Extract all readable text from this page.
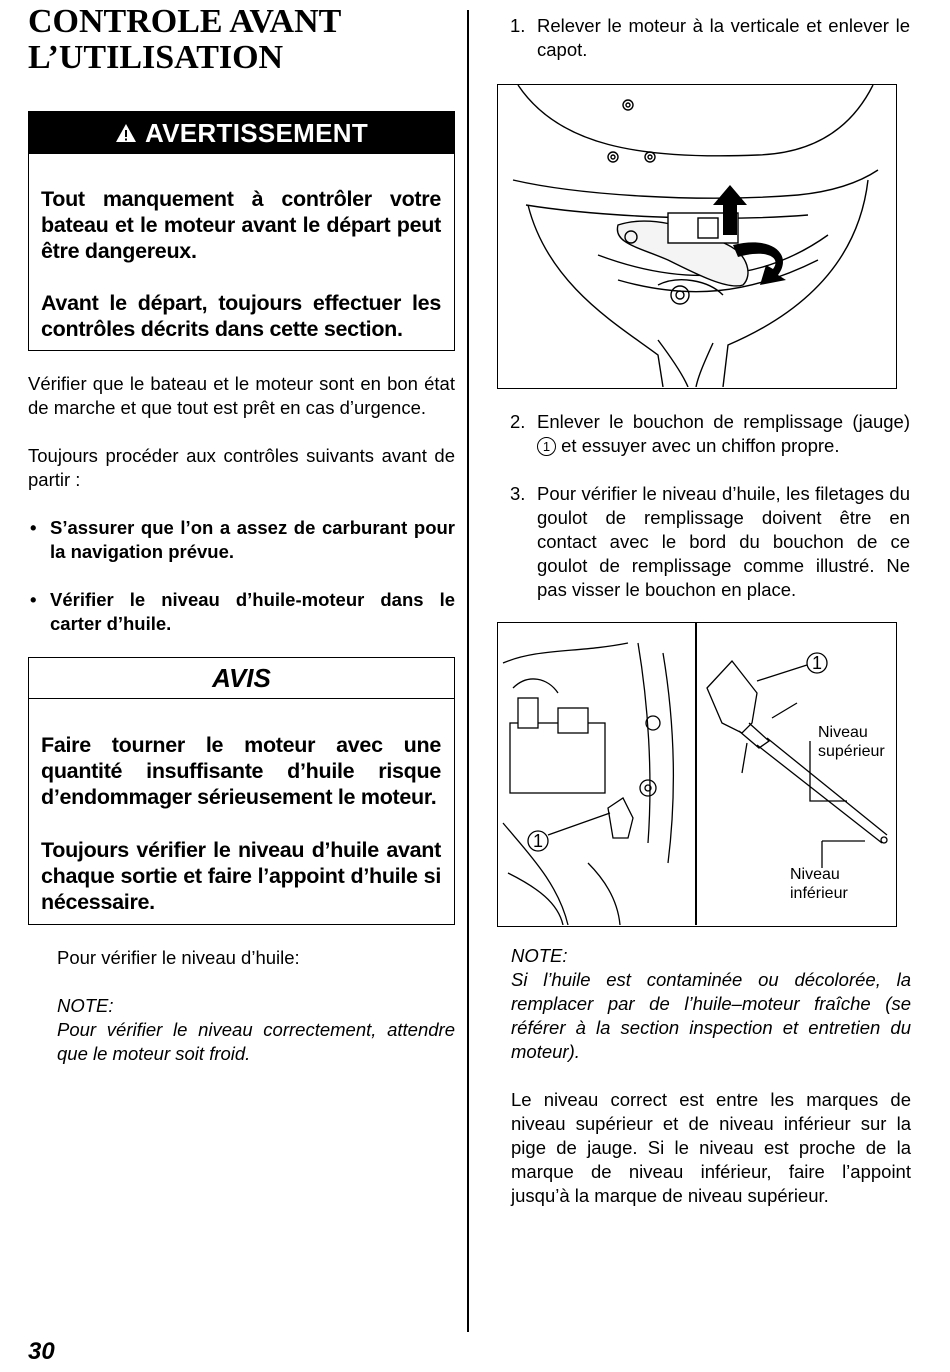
CONTROLE AVANT
L’UTILISATION
AVERTISSEMENT
Tout manquement à contrôler votre bateau et le moteur avant le départ peut être dangereux.
Avant le départ, toujours effectuer les contrôles décrits dans cette section.
Vérifier que le bateau et le moteur sont en bon état de marche et que tout est prêt en cas d’urgence.
Toujours procéder aux contrôles suivants avant de partir :
• S’assurer que l’on a assez de carburant pour la navigation prévue.
• Vérifier le niveau d’huile-moteur dans le carter d’huile.
AVIS
Faire tourner le moteur avec une quantité insuffisante d’huile risque d’endommager sérieusement le moteur.
Toujours vérifier le niveau d’huile avant chaque sortie et faire l’appoint d’huile si nécessaire.
Pour vérifier le niveau d’huile:
NOTE:
Pour vérifier le niveau correctement, attendre que le moteur soit froid.
1. Relever le moteur à la verticale et enlever le capot.
2. Enlever le bouchon de remplissage (jauge) 1 et essuyer avec un chiffon propre.
3. Pour vérifier le niveau d’huile, les filetages du goulot de remplissage doivent être en contact avec le bord du bouchon de ce goulot de remplissage comme illustré. Ne pas visser le bouchon en place.
1
1
Niveau
supérieur
Niveau
inférieur
NOTE:
Si l’huile est contaminée ou décolorée, la remplacer par de l’huile–moteur fraîche (se référer à la section inspection et entretien du moteur).
Le niveau correct est entre les marques de niveau supérieur et de niveau inférieur sur la pige de jauge. Si le niveau est proche de la marque de niveau inférieur, faire l’appoint jusqu’à la marque de niveau supérieur.
30
